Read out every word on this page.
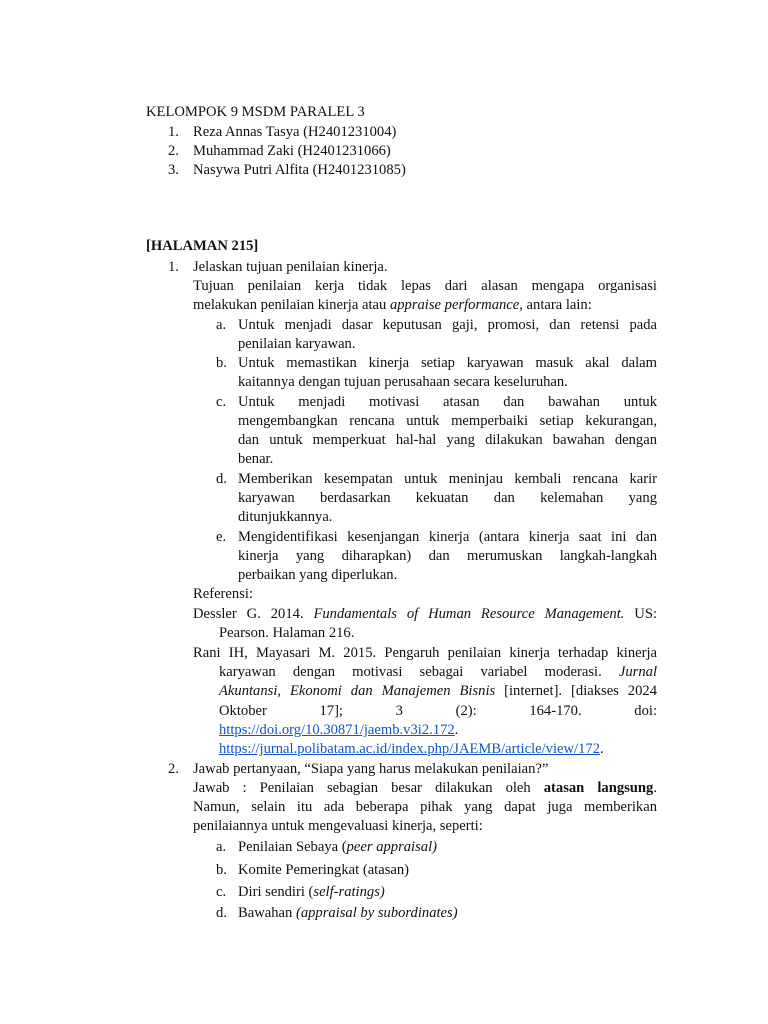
KELOMPOK 9 MSDM PARALEL 3
1. Reza Annas Tasya (H2401231004)
2. Muhammad Zaki (H2401231066)
3. Nasywa Putri Alfita (H2401231085)
[HALAMAN 215]
1. Jelaskan tujuan penilaian kinerja.
Tujuan penilaian kerja tidak lepas dari alasan mengapa organisasi
melakukan penilaian kinerja atau appraise performance, antara lain:
a. Untuk menjadi dasar keputusan gaji, promosi, dan retensi pada
penilaian karyawan.
b. Untuk memastikan kinerja setiap karyawan masuk akal dalam
kaitannya dengan tujuan perusahaan secara keseluruhan.
c. Untuk menjadi motivasi atasan dan bawahan untuk
mengembangkan rencana untuk memperbaiki setiap kekurangan,
dan untuk memperkuat hal-hal yang dilakukan bawahan dengan
benar.
d. Memberikan kesempatan untuk meninjau kembali rencana karir
karyawan berdasarkan kekuatan dan kelemahan yang
ditunjukkannya.
e. Mengidentifikasi kesenjangan kinerja (antara kinerja saat ini dan
kinerja yang diharapkan) dan merumuskan langkah-langkah
perbaikan yang diperlukan.
Referensi:
Dessler G. 2014. Fundamentals of Human Resource Management. US:
Pearson. Halaman 216.
Rani IH, Mayasari M. 2015. Pengaruh penilaian kinerja terhadap kinerja
karyawan dengan motivasi sebagai variabel moderasi. Jurnal
Akuntansi, Ekonomi dan Manajemen Bisnis [internet]. [diakses 2024
Oktober 17]; 3 (2): 164-170. doi:
https://doi.org/10.30871/jaemb.v3i2.172.
https://jurnal.polibatam.ac.id/index.php/JAEMB/article/view/172.
2. Jawab pertanyaan, “Siapa yang harus melakukan penilaian?”
Jawab : Penilaian sebagian besar dilakukan oleh atasan langsung.
Namun, selain itu ada beberapa pihak yang dapat juga memberikan
penilaiannya untuk mengevaluasi kinerja, seperti:
a. Penilaian Sebaya (peer appraisal)
b. Komite Pemeringkat (atasan)
c. Diri sendiri (self-ratings)
d. Bawahan (appraisal by subordinates)
